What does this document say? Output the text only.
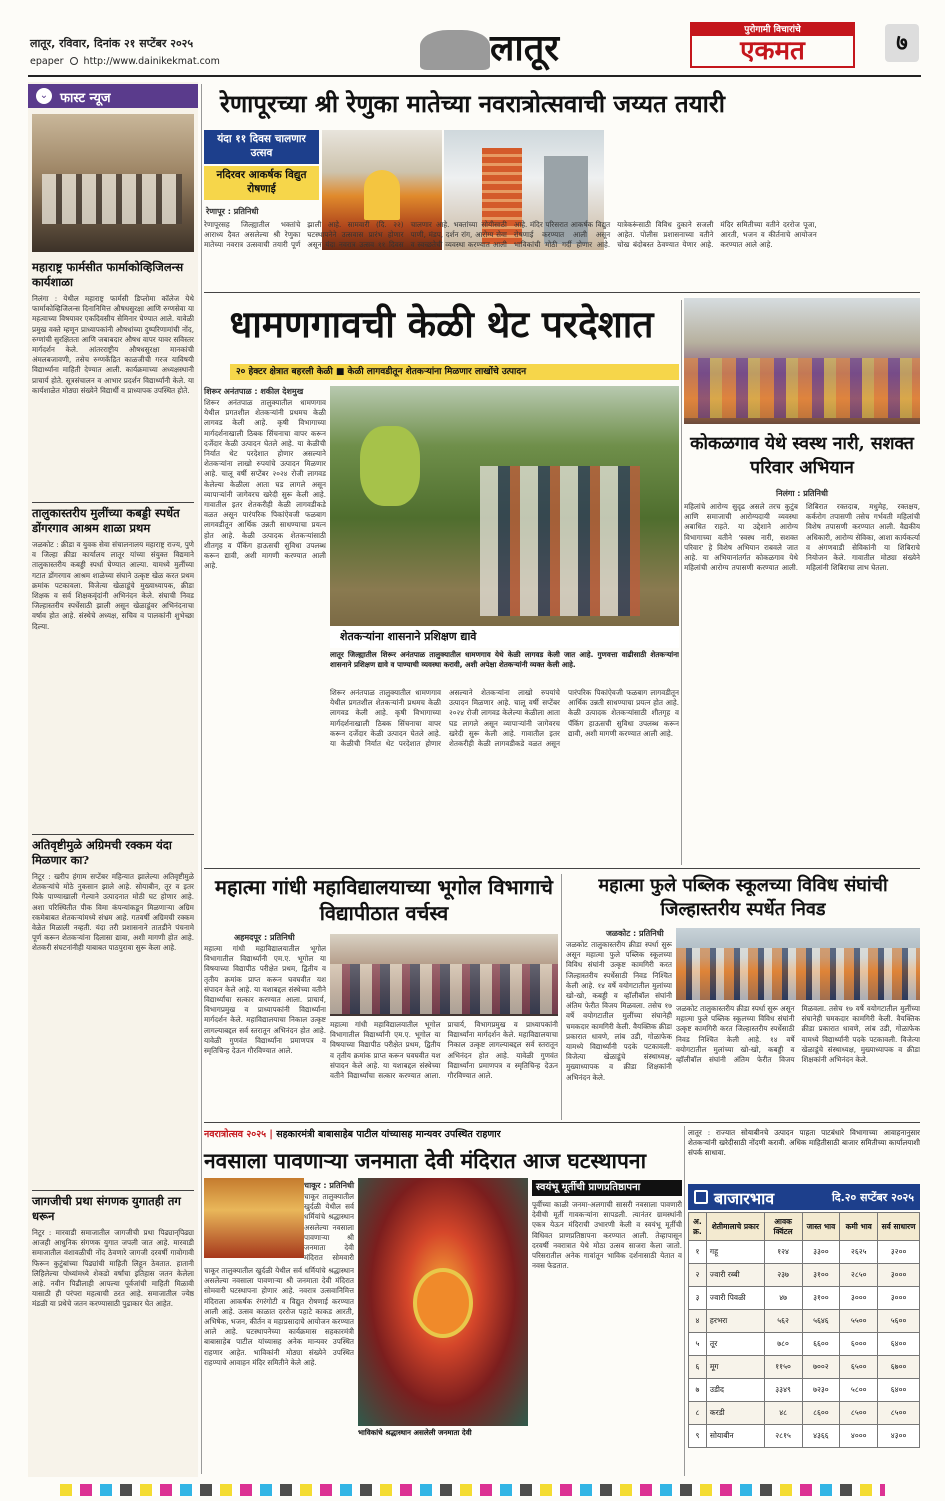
लातूर, रविवार, दिनांक २१ सप्टेंबर २०२५
epaper http://www.dainikekmat.com	लातूर	पुरोगामी विचारांचे
एकमत	७
⌄ फास्ट न्यूज
महाराष्ट्र फार्मसीत फार्माकोव्हिजिलन्स कार्यशाळा
निलंगा : येथील महाराष्ट्र फार्मसी डिप्लोमा कॉलेज येथे फार्माकोव्हिजिलन्स दिनानिमित्त औषधसुरक्षा आणि रुग्णसेवा या महत्वाच्या विषयावर एकदिवसीय सेमिनार घेण्यात आले. यावेळी प्रमुख वक्ते म्हणून प्राध्यापकांनी औषधांच्या दुष्परिणामांची नोंद, रुग्णांची सुरक्षितता आणि जबाबदार औषध वापर यावर सविस्तर मार्गदर्शन केले. आंतरराष्ट्रीय औषधसुरक्षा मानकांची अंमलबजावणी, तसेच रुग्णकेंद्रित काळजीची गरज याविषयी विद्यार्थ्यांना माहिती देण्यात आली. कार्यक्रमाच्या अध्यक्षस्थानी प्राचार्य होते. सूत्रसंचालन व आभार प्रदर्शन विद्यार्थ्यांनी केले. या कार्यशाळेत मोठ्या संख्येने विद्यार्थी व प्राध्यापक उपस्थित होते.
तालुकास्तरीय मुलींच्या कबड्डी स्पर्धेत डोंगरगाव आश्रम शाळा प्रथम
जळकोट : क्रीडा व युवक सेवा संचालनालय महाराष्ट्र राज्य, पुणे व जिल्हा क्रीडा कार्यालय लातूर यांच्या संयुक्त विद्यमाने तालुकास्तरीय कबड्डी स्पर्धा घेण्यात आल्या. यामध्ये मुलींच्या गटात डोंगरगाव आश्रम शाळेच्या संघाने उत्कृष्ट खेळ करत प्रथम क्रमांक पटकावला. विजेत्या खेळाडूंचे मुख्याध्यापक, क्रीडा शिक्षक व सर्व शिक्षकवृंदांनी अभिनंदन केले. संघाची निवड जिल्हास्तरीय स्पर्धेसाठी झाली असून खेळाडूंवर अभिनंदनाचा वर्षाव होत आहे. संस्थेचे अध्यक्ष, सचिव व पालकांनी शुभेच्छा दिल्या.
अतिवृष्टीमुळे अग्रिमची रक्कम यंदा मिळणार का?
निटूर : खरीप हंगाम सप्टेंबर महिन्यात झालेल्या अतिवृष्टीमुळे शेतकऱ्यांचे मोठे नुकसान झाले आहे. सोयाबीन, तूर व इतर पिके पाण्याखाली गेल्याने उत्पादनात मोठी घट होणार आहे. अशा परिस्थितीत पीक विमा कंपन्यांकडून मिळणाऱ्या अग्रिम रकमेबाबत शेतकऱ्यांमध्ये संभ्रम आहे. गतवर्षी अग्रिमची रक्कम वेळेत मिळाली नव्हती. यंदा तरी प्रशासनाने तातडीने पंचनामे पूर्ण करून शेतकऱ्यांना दिलासा द्यावा, अशी मागणी होत आहे. शेतकरी संघटनांनीही याबाबत पाठपुरावा सुरू केला आहे.
जागजीची प्रथा संगणक युगातही तग धरून
निटूर : मारवाडी समाजातील जागजीची प्रथा पिढ्यान्‌पिढ्या आजही आधुनिक संगणक युगात जपली जात आहे. मारवाडी समाजातील वंशावळीची नोंद ठेवणारे जागजी दरवर्षी गावोगावी फिरून कुटुंबांच्या पिढ्यांची माहिती लिहून ठेवतात. हातानी लिहिलेल्या पोथ्यांमध्ये शेकडो वर्षांचा इतिहास जतन केलेला आहे. नवीन पिढीलाही आपल्या पूर्वजांची माहिती मिळावी यासाठी ही परंपरा महत्वाची ठरत आहे. समाजातील ज्येष्ठ मंडळी या प्रथेचे जतन करण्यासाठी पुढाकार घेत आहेत.
रेणापूरच्या श्री रेणुका मातेच्या नवरात्रोत्सवाची जय्यत तयारी
यंदा ११ दिवस चालणार उत्सव
नदिरवर आकर्षक विद्युत रोषणाई
रेणापूर : प्रतिनिधी
रेणापूरसह जिल्ह्यातील भक्तांचे आराध्य दैवत असलेल्या श्री रेणुका मातेच्या नवरात्र उत्सवाची तयारी पूर्ण झाली आहे. सामवारी (दि. २२) घटस्थापनेने उत्सवास प्रारंभ होणार असून यंदा नवरात्र उत्सव ११ दिवस चालणार आहे. भक्तांच्या सोयीसाठी पाणी, मंडप, दर्शन रांग, आरोग्य सेवा व स्वच्छतेची व्यवस्था करण्यात आली आहे. मंदिर परिसरात आकर्षक विद्युत रोषणाई करण्यात आली असून भाविकांची मोठी गर्दी होणार आहे. यात्रेकरूंसाठी विविध दुकाने सजली आहेत. पोलीस प्रशासनाच्या वतीने चोख बंदोबस्त ठेवण्यात येणार आहे. मंदिर समितीच्या वतीने दररोज पूजा, आरती, भजन व कीर्तनाचे आयोजन करण्यात आले आहे.
धामणगावची केळी थेट परदेशात
२० हेक्टर क्षेत्रात बहरली केळी ■ केळी लागवडीतून शेतकऱ्यांना मिळणार लाखोंचे उत्पादन
शिरूर अनंतपाळ : शकील देशमुख
शिरूर अनंतपाळ तालुक्यातील धामणगाव येथील प्रगतशील शेतकऱ्यांनी प्रथमच केळी लागवड केली आहे. कृषी विभागाच्या मार्गदर्शनाखाली ठिबक सिंचनाचा वापर करून दर्जेदार केळी उत्पादन घेतले आहे. या केळीची निर्यात थेट परदेशात होणार असल्याने शेतकऱ्यांना लाखो रुपयांचे उत्पादन मिळणार आहे. चालू वर्षी सप्टेंबर २०२४ रोजी लागवड केलेल्या केळीला आता घड लागले असून व्यापाऱ्यांनी जागेवरच खरेदी सुरू केली आहे. गावातील इतर शेतकरीही केळी लागवडीकडे वळत असून पारंपरिक पिकांऐवजी फळबाग लागवडीतून आर्थिक उन्नती साधण्याचा प्रयत्न होत आहे. केळी उत्पादक शेतकऱ्यांसाठी शीतगृह व पॅकिंग हाऊसची सुविधा उपलब्ध करून द्यावी, अशी मागणी करण्यात आली आहे.
शेतकऱ्यांना शासनाने प्रशिक्षण द्यावे
लातूर जिल्ह्यातील शिरूर अनंतपाळ तालुक्यातील धामणगाव येथे केळी लागवड केली जात आहे. गुणवत्ता वाढीसाठी शेतकऱ्यांना शासनाने प्रशिक्षण द्यावे व पाण्याची व्यवस्था करावी, अशी अपेक्षा शेतकऱ्यांनी व्यक्त केली आहे.
शिरूर अनंतपाळ तालुक्यातील धामणगाव येथील प्रगतशील शेतकऱ्यांनी प्रथमच केळी लागवड केली आहे. कृषी विभागाच्या मार्गदर्शनाखाली ठिबक सिंचनाचा वापर करून दर्जेदार केळी उत्पादन घेतले आहे. या केळीची निर्यात थेट परदेशात होणार असल्याने शेतकऱ्यांना लाखो रुपयांचे उत्पादन मिळणार आहे. चालू वर्षी सप्टेंबर २०२४ रोजी लागवड केलेल्या केळीला आता घड लागले असून व्यापाऱ्यांनी जागेवरच खरेदी सुरू केली आहे. गावातील इतर शेतकरीही केळी लागवडीकडे वळत असून पारंपरिक पिकांऐवजी फळबाग लागवडीतून आर्थिक उन्नती साधण्याचा प्रयत्न होत आहे. केळी उत्पादक शेतकऱ्यांसाठी शीतगृह व पॅकिंग हाऊसची सुविधा उपलब्ध करून द्यावी, अशी मागणी करण्यात आली आहे.
कोकळगाव येथे स्वस्थ नारी, सशक्त परिवार अभियान
निलंगा : प्रतिनिधी
महिलांचे आरोग्य सुदृढ असले तरच कुटुंब आणि समाजाची आरोग्यदायी व्यवस्था अबाधित राहते. या उद्देशाने आरोग्य विभागाच्या वतीने 'स्वस्थ नारी, सशक्त परिवार' हे विशेष अभियान राबवले जात आहे. या अभियानांतर्गत कोकळगाव येथे महिलांची आरोग्य तपासणी करण्यात आली. शिबिरात रक्तदाब, मधुमेह, रक्तक्षय, कर्करोग तपासणी तसेच गर्भवती महिलांची विशेष तपासणी करण्यात आली. वैद्यकीय अधिकारी, आरोग्य सेविका, आशा कार्यकर्त्या व अंगणवाडी सेविकांनी या शिबिराचे नियोजन केले. गावातील मोठ्या संख्येने महिलांनी शिबिराचा लाभ घेतला.
महात्मा गांधी महाविद्यालयाच्या भूगोल विभागाचे विद्यापीठात वर्चस्व
अहमदपूर : प्रतिनिधी
महात्मा गांधी महाविद्यालयातील भूगोल विभागातील विद्यार्थ्यांनी एम.ए. भूगोल या विषयाच्या विद्यापीठ परीक्षेत प्रथम, द्वितीय व तृतीय क्रमांक प्राप्त करून घवघवीत यश संपादन केले आहे. या यशाबद्दल संस्थेच्या वतीने विद्यार्थ्यांचा सत्कार करण्यात आला. प्राचार्य, विभागप्रमुख व प्राध्यापकांनी विद्यार्थ्यांना मार्गदर्शन केले. महाविद्यालयाचा निकाल उत्कृष्ट लागल्याबद्दल सर्व स्तरातून अभिनंदन होत आहे. यावेळी गुणवंत विद्यार्थ्यांना प्रमाणपत्र व स्मृतिचिन्ह देऊन गौरविण्यात आले.
महात्मा गांधी महाविद्यालयातील भूगोल विभागातील विद्यार्थ्यांनी एम.ए. भूगोल या विषयाच्या विद्यापीठ परीक्षेत प्रथम, द्वितीय व तृतीय क्रमांक प्राप्त करून घवघवीत यश संपादन केले आहे. या यशाबद्दल संस्थेच्या वतीने विद्यार्थ्यांचा सत्कार करण्यात आला. प्राचार्य, विभागप्रमुख व प्राध्यापकांनी विद्यार्थ्यांना मार्गदर्शन केले. महाविद्यालयाचा निकाल उत्कृष्ट लागल्याबद्दल सर्व स्तरातून अभिनंदन होत आहे. यावेळी गुणवंत विद्यार्थ्यांना प्रमाणपत्र व स्मृतिचिन्ह देऊन गौरविण्यात आले.
महात्मा फुले पब्लिक स्कूलच्या विविध संघांची जिल्हास्तरीय स्पर्धेत निवड
जळकोट : प्रतिनिधी
जळकोट तालुकास्तरीय क्रीडा स्पर्धा सुरू असून महात्मा फुले पब्लिक स्कूलच्या विविध संघांनी उत्कृष्ट कामगिरी करत जिल्हास्तरीय स्पर्धेसाठी निवड निश्चित केली आहे. १४ वर्षे वयोगटातील मुलांच्या खो-खो, कबड्डी व व्हॉलीबॉल संघांनी अंतिम फेरीत विजय मिळवला. तसेच १७ वर्षे वयोगटातील मुलींच्या संघानेही चमकदार कामगिरी केली. वैयक्तिक क्रीडा प्रकारात धावणे, लांब उडी, गोळाफेक यामध्ये विद्यार्थ्यांनी पदके पटकावली. विजेत्या खेळाडूंचे संस्थाध्यक्ष, मुख्याध्यापक व क्रीडा शिक्षकांनी अभिनंदन केले.
जळकोट तालुकास्तरीय क्रीडा स्पर्धा सुरू असून महात्मा फुले पब्लिक स्कूलच्या विविध संघांनी उत्कृष्ट कामगिरी करत जिल्हास्तरीय स्पर्धेसाठी निवड निश्चित केली आहे. १४ वर्षे वयोगटातील मुलांच्या खो-खो, कबड्डी व व्हॉलीबॉल संघांनी अंतिम फेरीत विजय मिळवला. तसेच १७ वर्षे वयोगटातील मुलींच्या संघानेही चमकदार कामगिरी केली. वैयक्तिक क्रीडा प्रकारात धावणे, लांब उडी, गोळाफेक यामध्ये विद्यार्थ्यांनी पदके पटकावली. विजेत्या खेळाडूंचे संस्थाध्यक्ष, मुख्याध्यापक व क्रीडा शिक्षकांनी अभिनंदन केले.
नवरात्रोत्सव २०२५ | सहकारमंत्री बाबासाहेब पाटील यांच्यासह मान्यवर उपस्थित राहणार
नवसाला पावणाऱ्या जनमाता देवी मंदिरात आज घटस्थापना
चाकूर : प्रतिनिधी
चाकूर तालुक्यातील खुर्दळी येथील सर्व धर्मियांचे श्रद्धास्थान असलेल्या नवसाला पावणाऱ्या श्री जनमाता देवी मंदिरात सोमवारी घटस्थापना होणार आहे. नवरात्र उत्सवानिमित्त मंदिराला आकर्षक रंगरंगोटी व विद्युत रोषणाई करण्यात आली आहे. उत्सव काळात दररोज पहाटे काकड आरती, अभिषेक, भजन, कीर्तन व महाप्रसादाचे आयोजन करण्यात आले आहे. घटस्थापनेच्या कार्यक्रमास सहकारमंत्री बाबासाहेब पाटील यांच्यासह अनेक मान्यवर उपस्थित राहणार आहेत. भाविकांनी मोठ्या संख्येने उपस्थित राहण्याचे आवाहन मंदिर समितीने केले आहे.
चाकूर तालुक्यातील खुर्दळी येथील सर्व धर्मियांचे श्रद्धास्थान असलेल्या नवसाला पावणाऱ्या श्री जनमाता देवी मंदिरात सोमवारी
भाविकांचे श्रद्धास्थान असलेली जनमाता देवी
स्वयंभू मूर्तीची प्राणप्रतिष्ठापना
पूर्वीच्या काळी जनमा-अलगाची सासरी नवसाला पावणारी देवीची मूर्ती गावकऱ्यांना सापडली. त्यानंतर ग्रामस्थांनी एकत्र येऊन मंदिराची उभारणी केली व स्वयंभू मूर्तीची विधिवत प्राणप्रतिष्ठापना करण्यात आली. तेव्हापासून दरवर्षी नवरात्रात येथे मोठा उत्सव साजरा केला जातो. परिसरातील अनेक गावांतून भाविक दर्शनासाठी येतात व नवस फेडतात.
लातूर : राज्यात सोयाबीनचे उत्पादन पाहता पाटबंधारे विभागाच्या आवाहनानुसार शेतकऱ्यांनी खरेदीसाठी नोंदणी करावी. अधिक माहितीसाठी बाजार समितीच्या कार्यालयाशी संपर्क साधावा.
बाजारभाव	दि.२० सप्टेंबर २०२५
अ. क्र.	शेतीमालाचे प्रकार	आवक क्विंटल	जास्त भाव	कमी भाव	सर्व साधारण
१	गहू	१२४	३३००	२६२५	३२००
२	ज्वारी रब्बी	२३७	३१००	२८५०	३०००
३	ज्वारी पिवळी	४७	३१००	३०००	३०००
४	हरभरा	५६२	५६४६	५५००	५६००
५	तूर	७८०	६६००	६०००	६४००
६	मूग	११५०	७००२	६५००	६७००
७	उडीद	३३४९	७२३०	५८००	६४००
८	करडी	४८	८६००	८५००	८५००
९	सोयाबीन	२८१५	४३६६	४०००	४३००
